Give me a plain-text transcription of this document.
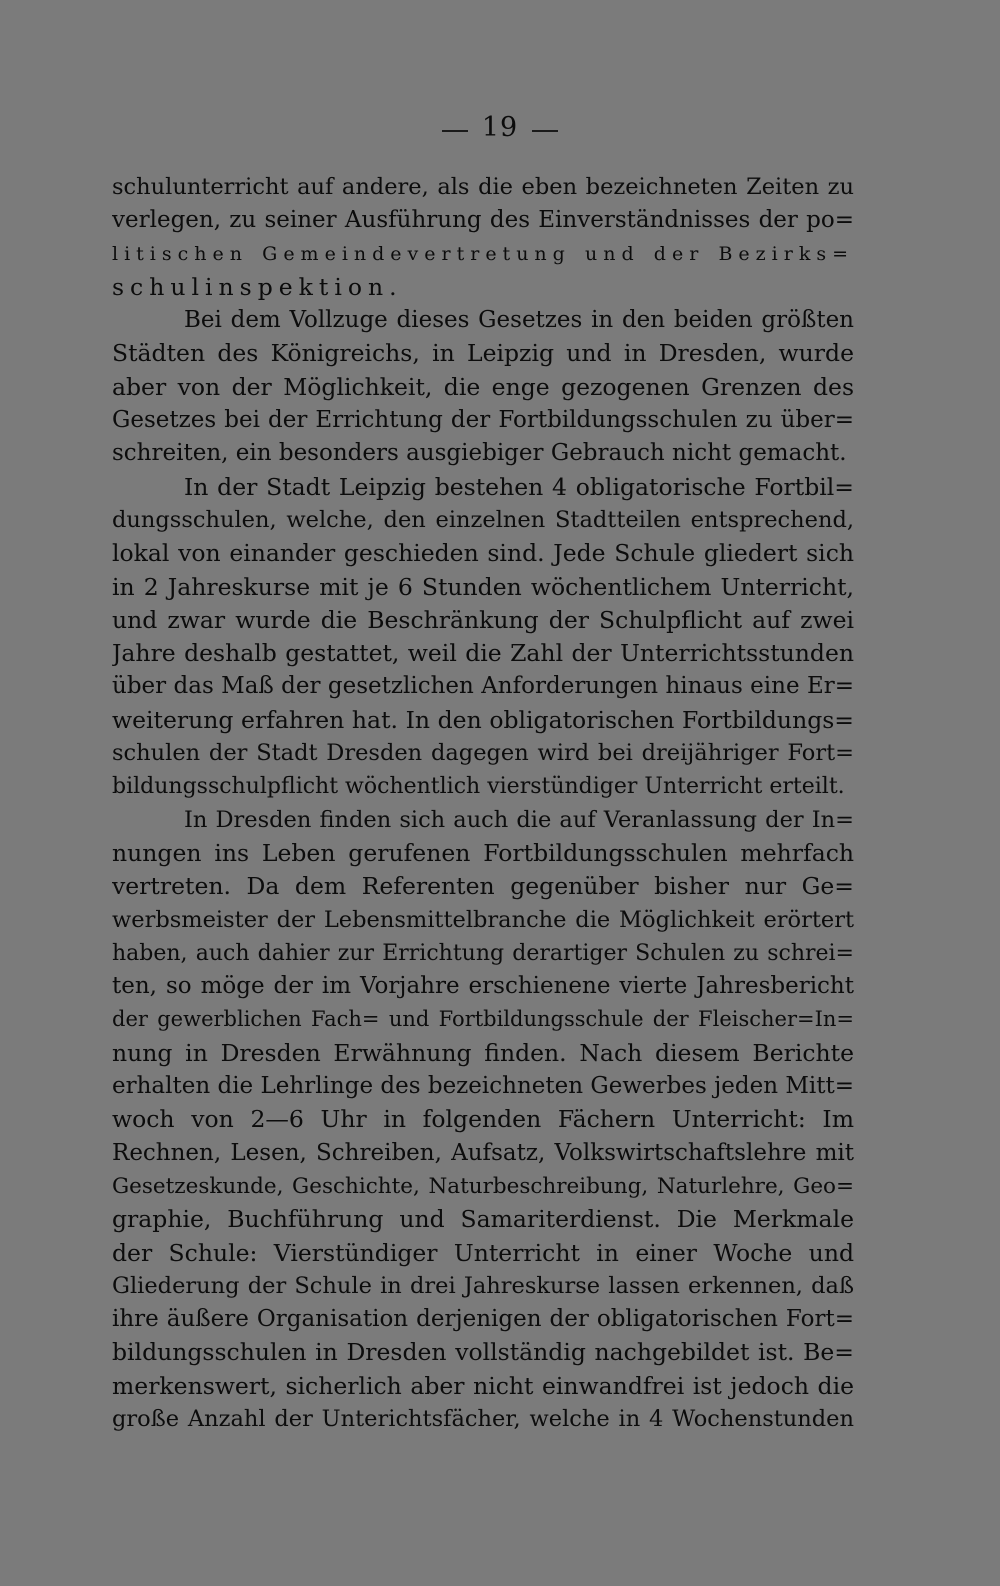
19
schulunterricht auf andere, als die eben bezeichneten Zeiten zu
verlegen, zu seiner Ausführung des Einverständnisses der po=
litischen Gemeindevertretung und der Bezirks=
schulinspektion.
Bei dem Vollzuge dieses Gesetzes in den beiden größten
Städten des Königreichs, in Leipzig und in Dresden, wurde
aber von der Möglichkeit, die enge gezogenen Grenzen des
Gesetzes bei der Errichtung der Fortbildungsschulen zu über=
schreiten, ein besonders ausgiebiger Gebrauch nicht gemacht.
In der Stadt Leipzig bestehen 4 obligatorische Fortbil=
dungsschulen, welche, den einzelnen Stadtteilen entsprechend,
lokal von einander geschieden sind. Jede Schule gliedert sich
in 2 Jahreskurse mit je 6 Stunden wöchentlichem Unterricht,
und zwar wurde die Beschränkung der Schulpflicht auf zwei
Jahre deshalb gestattet, weil die Zahl der Unterrichtsstunden
über das Maß der gesetzlichen Anforderungen hinaus eine Er=
weiterung erfahren hat. In den obligatorischen Fortbildungs=
schulen der Stadt Dresden dagegen wird bei dreijähriger Fort=
bildungsschulpflicht wöchentlich vierstündiger Unterricht erteilt.
In Dresden finden sich auch die auf Veranlassung der In=
nungen ins Leben gerufenen Fortbildungsschulen mehrfach
vertreten. Da dem Referenten gegenüber bisher nur Ge=
werbsmeister der Lebensmittelbranche die Möglichkeit erörtert
haben, auch dahier zur Errichtung derartiger Schulen zu schrei=
ten, so möge der im Vorjahre erschienene vierte Jahresbericht
der gewerblichen Fach= und Fortbildungsschule der Fleischer=In=
nung in Dresden Erwähnung finden. Nach diesem Berichte
erhalten die Lehrlinge des bezeichneten Gewerbes jeden Mitt=
woch von 2—6 Uhr in folgenden Fächern Unterricht: Im
Rechnen, Lesen, Schreiben, Aufsatz, Volkswirtschaftslehre mit
Gesetzeskunde, Geschichte, Naturbeschreibung, Naturlehre, Geo=
graphie, Buchführung und Samariterdienst. Die Merkmale
der Schule: Vierstündiger Unterricht in einer Woche und
Gliederung der Schule in drei Jahreskurse lassen erkennen, daß
ihre äußere Organisation derjenigen der obligatorischen Fort=
bildungsschulen in Dresden vollständig nachgebildet ist. Be=
merkenswert, sicherlich aber nicht einwandfrei ist jedoch die
große Anzahl der Unterichtsfächer, welche in 4 Wochenstunden
